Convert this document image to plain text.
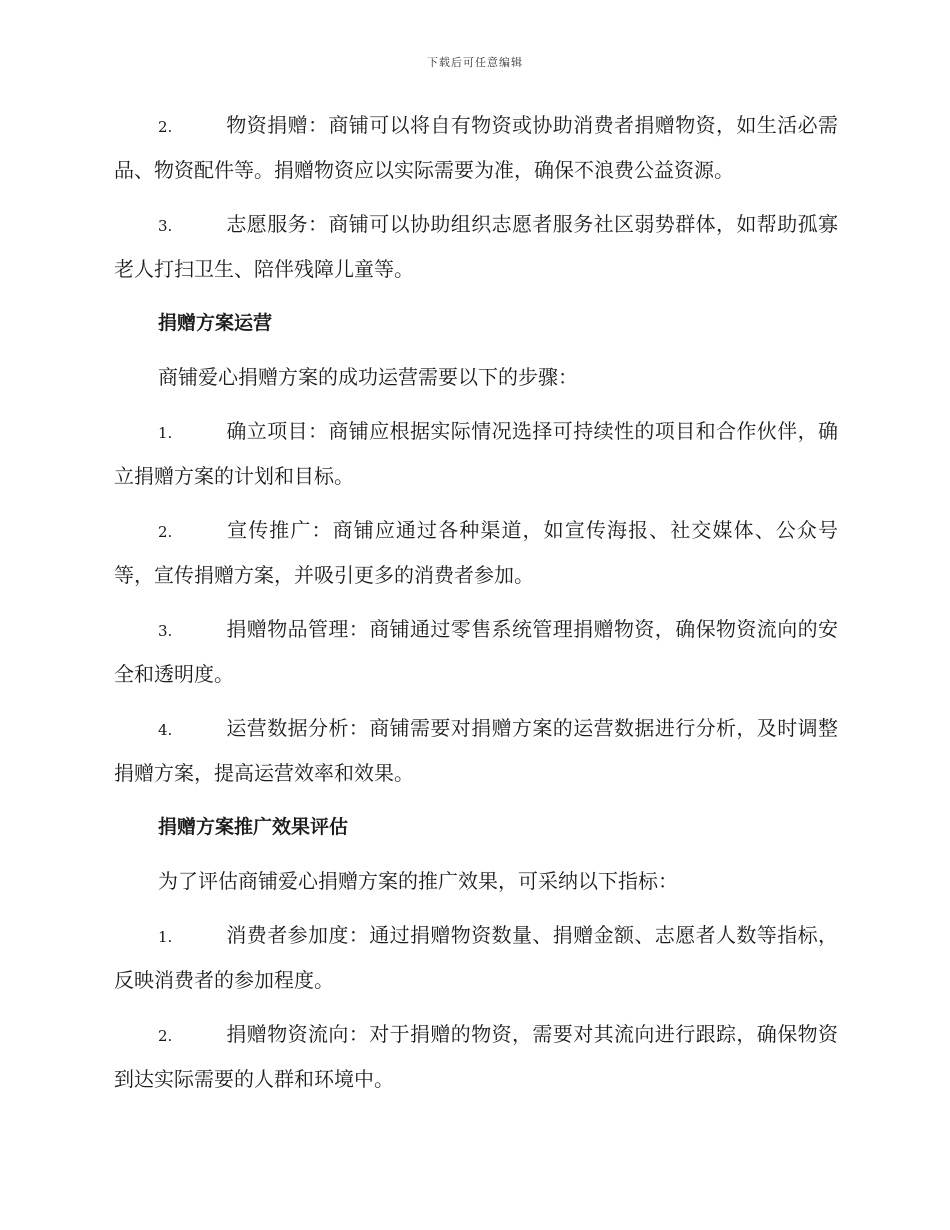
下载后可任意编辑

2.	物资捐赠：商铺可以将自有物资或协助消费者捐赠物资，如生活必需品、物资配件等。捐赠物资应以实际需要为准，确保不浪费公益资源。

3.	志愿服务：商铺可以协助组织志愿者服务社区弱势群体，如帮助孤寡老人打扫卫生、陪伴残障儿童等。

捐赠方案运营

商铺爱心捐赠方案的成功运营需要以下的步骤：

1.	确立项目：商铺应根据实际情况选择可持续性的项目和合作伙伴，确立捐赠方案的计划和目标。

2.	宣传推广：商铺应通过各种渠道，如宣传海报、社交媒体、公众号等，宣传捐赠方案，并吸引更多的消费者参加。

3.	捐赠物品管理：商铺通过零售系统管理捐赠物资，确保物资流向的安全和透明度。

4.	运营数据分析：商铺需要对捐赠方案的运营数据进行分析，及时调整捐赠方案，提高运营效率和效果。

捐赠方案推广效果评估

为了评估商铺爱心捐赠方案的推广效果，可采纳以下指标：

1.	消费者参加度：通过捐赠物资数量、捐赠金额、志愿者人数等指标，反映消费者的参加程度。

2.	捐赠物资流向：对于捐赠的物资，需要对其流向进行跟踪，确保物资到达实际需要的人群和环境中。
